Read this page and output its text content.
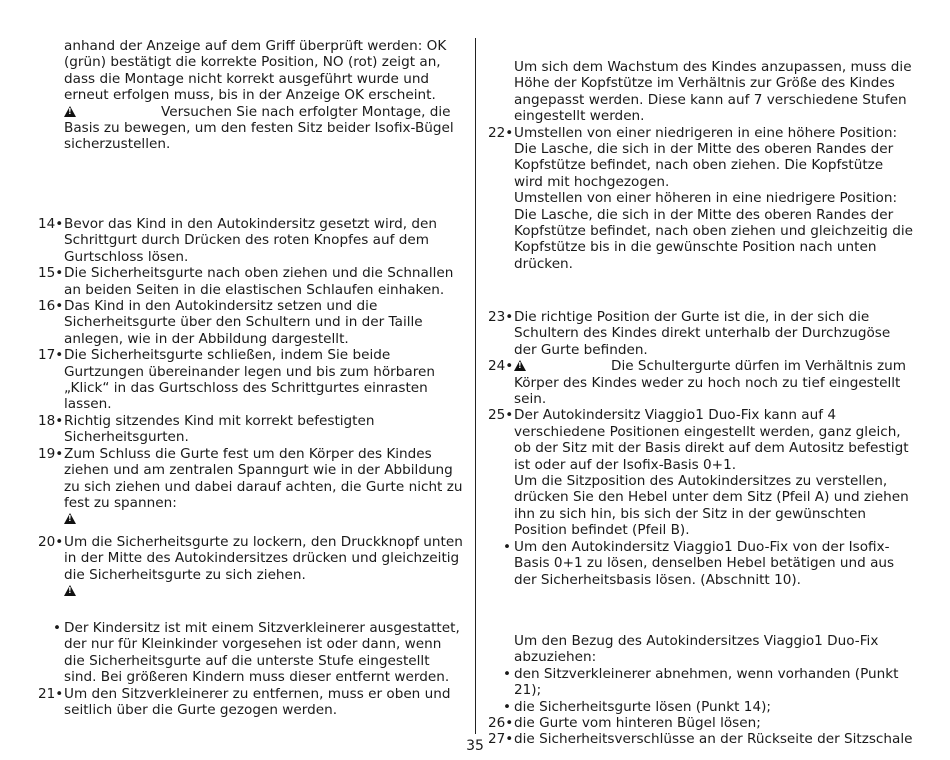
anhand der Anzeige auf dem Griff überprüft werden: OK (grün) bestätigt die korrekte Position, NO (rot) zeigt an, dass die Montage nicht korrekt ausgeführt wurde und erneut erfolgen muss, bis in der Anzeige OK erscheint.

!Versuchen Sie nach erfolgter Montage, die Basis zu bewegen, um den festen Sitz beider Isofix-Bügel sicherzustellen.

14• Bevor das Kind in den Autokindersitz gesetzt wird, den Schrittgurt durch Drücken des roten Knopfes auf dem Gurtschloss lösen.
15• Die Sicherheitsgurte nach oben ziehen und die Schnallen an beiden Seiten in die elastischen Schlaufen einhaken.
16• Das Kind in den Autokindersitz setzen und die Sicherheitsgurte über den Schultern und in der Taille anlegen, wie in der Abbildung dargestellt.
17• Die Sicherheitsgurte schließen, indem Sie beide Gurtzungen übereinander legen und bis zum hörbaren „Klick“ in das Gurtschloss des Schrittgurtes einrasten lassen.
18• Richtig sitzendes Kind mit korrekt befestigten Sicherheitsgurten.
19• Zum Schluss die Gurte fest um den Körper des Kindes ziehen und am zentralen Spanngurt wie in der Abbildung zu sich ziehen und dabei darauf achten, die Gurte nicht zu fest zu spannen:
!
20• Um die Sicherheitsgurte zu lockern, den Druckknopf unten in der Mitte des Autokindersitzes drücken und gleichzeitig die Sicherheitsgurte zu sich ziehen.
!
• Der Kindersitz ist mit einem Sitzverkleinerer ausgestattet, der nur für Kleinkinder vorgesehen ist oder dann, wenn die Sicherheitsgurte auf die unterste Stufe eingestellt sind. Bei größeren Kindern muss dieser entfernt werden.
21• Um den Sitzverkleinerer zu entfernen, muss er oben und seitlich über die Gurte gezogen werden.

Um sich dem Wachstum des Kindes anzupassen, muss die Höhe der Kopfstütze im Verhältnis zur Größe des Kindes angepasst werden. Diese kann auf 7 verschiedene Stufen eingestellt werden.

22• Umstellen von einer niedrigeren in eine höhere Position: Die Lasche, die sich in der Mitte des oberen Randes der Kopfstütze befindet, nach oben ziehen. Die Kopfstütze wird mit hochgezogen.

Umstellen von einer höheren in eine niedrigere Position: Die Lasche, die sich in der Mitte des oberen Randes der Kopfstütze befindet, nach oben ziehen und gleichzeitig die Kopfstütze bis in die gewünschte Position nach unten drücken.

23• Die richtige Position der Gurte ist die, in der sich die Schultern des Kindes direkt unterhalb der Durchzugöse der Gurte befinden.
24•
!	Die Schultergurte dürfen im Verhältnis zum Körper des Kindes weder zu hoch noch zu tief eingestellt sein.
25• Der Autokindersitz Viaggio1 Duo-Fix kann auf 4 verschiedene Positionen eingestellt werden, ganz gleich, ob der Sitz mit der Basis direkt auf dem Autositz befestigt ist oder auf der Isofix-Basis 0+1.

Um die Sitzposition des Autokindersitzes zu verstellen, drücken Sie den Hebel unter dem Sitz (Pfeil A) und ziehen ihn zu sich hin, bis sich der Sitz in der gewünschten Position befindet (Pfeil B).

• Um den Autokindersitz Viaggio1 Duo-Fix von der Isofix-Basis 0+1 zu lösen, denselben Hebel betätigen und aus der Sicherheitsbasis lösen. (Abschnitt 10).

Um den Bezug des Autokindersitzes Viaggio1 Duo-Fix abzuziehen:

• den Sitzverkleinerer abnehmen, wenn vorhanden (Punkt 21);
• die Sicherheitsgurte lösen (Punkt 14);
26• die Gurte vom hinteren Bügel lösen;
27• die Sicherheitsverschlüsse an der Rückseite der Sitzschale
35
